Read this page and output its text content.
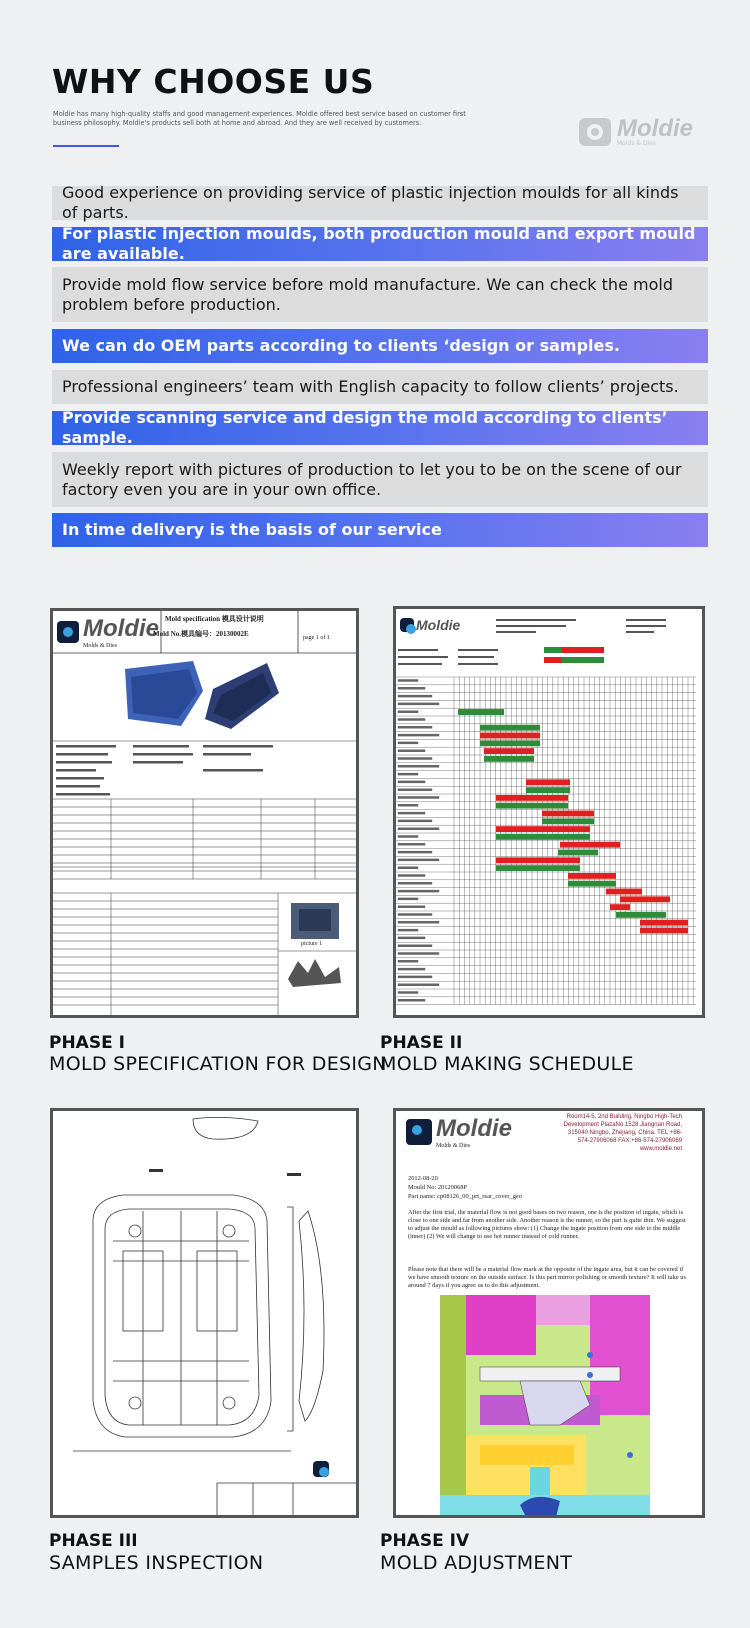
WHY CHOOSE US
Moldie has many high-quality staffs and good management experiences. Moldie offered best service based on customer first business philosophy. Moldie's products sell both at home and abroad. And they are well received by customers.	Moldie
Molds & Dies
Good experience on providing service of plastic injection moulds for all kinds of parts.
For plastic injection moulds, both production mould and export mould are available.
Provide mold flow service before mold manufacture. We can check the mold problem before production.
We can do OEM parts according to clients ‘design or samples.
Professional engineers’ team with English capacity to follow clients’ projects.
Provide scanning service and design the mold according to clients’ sample.
Weekly report with pictures of production to let you to be on the scene of our factory even you are in your own office.
In time delivery is the basis of our service
Moldie
Molds & Dies
Mold specification 模具设计说明
Mold No.模具编号：20130002E	page 1 of 1
picture 1
PHASE I
MOLD SPECIFICATION FOR DESIGN
Moldie
PHASE II
MOLD MAKING SCHEDULE
PHASE III
SAMPLES INSPECTION
Moldie
Molds & Dies
Room14-5, 2nd Building, Ningbo High-Tech Development PlazaNo.1528 Jiangnan Road, 315040 Ningbo, Zhejiang, China. TEL:+86-574-27906068 FAX:+86-574-27906069 www.moldie.net
2012-08-20
Mould No: 20120068P
Part name: cp08126_00_prt_rear_cover_geo
After the first trial, the material flow is not good bases on two reason, one is the position of ingate, which is close to one side and far from another side. Another reason is the runner, so the part is quite thin. We suggest to adjust the mould as following pictures show: (1) Change the ingate position from one side to the middle (inner) (2) We will change to use hot runner instead of cold runner.
Please note that there will be a material flow mark at the opposite of the ingate area, but it can be covered if we have smooth texture on the outside surface. Is this part mirror polishing or smooth texture? It will take us around 7 days if you agree us to do this adjustment.
PHASE IV
MOLD ADJUSTMENT
